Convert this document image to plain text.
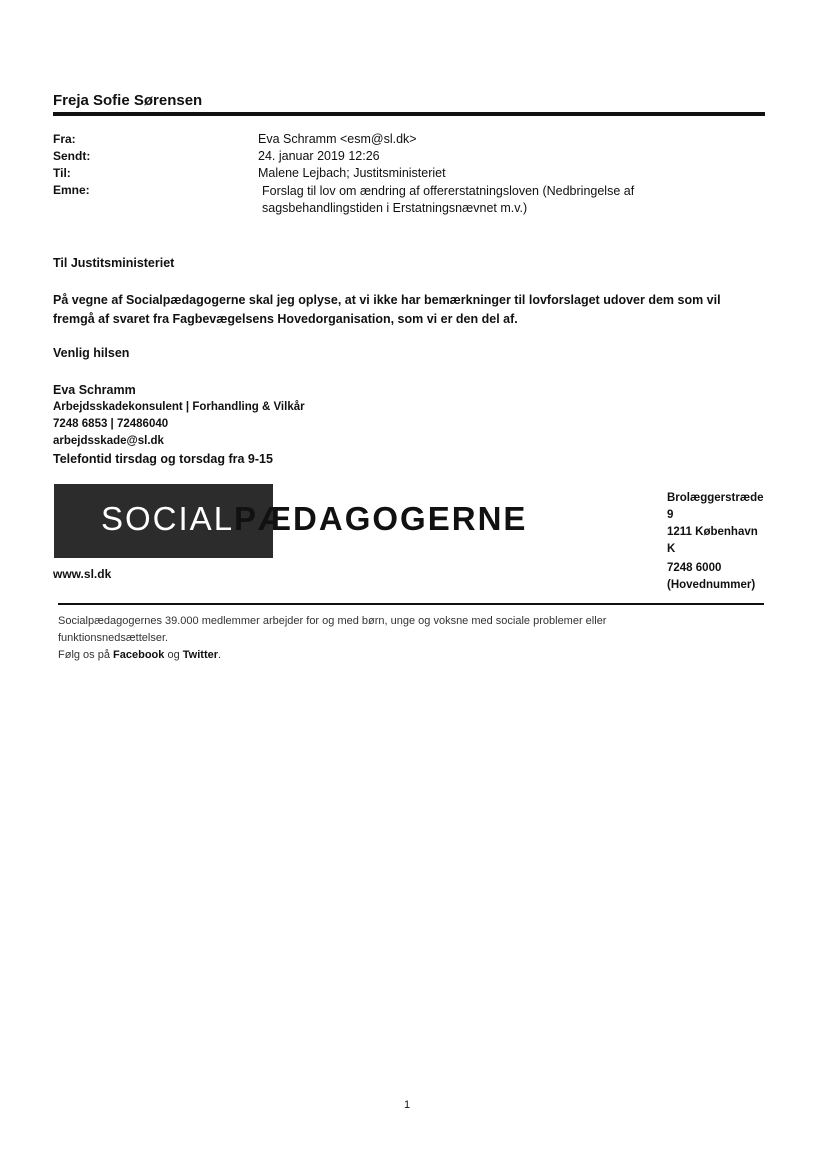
Freja Sofie Sørensen
Fra:	Eva Schramm <esm@sl.dk>
Sendt:	24. januar 2019 12:26
Til:	Malene Lejbach; Justitsministeriet
Emne:	Forslag til lov om ændring af offererstatningsloven (Nedbringelse af sagsbehandlingstiden i Erstatningsnævnet m.v.)
Til Justitsministeriet
På vegne af Socialpædagogerne skal jeg oplyse, at vi ikke har bemærkninger til lovforslaget udover dem som vil fremgå af svaret fra Fagbevægelsens Hovedorganisation, som vi er den del af.
Venlig hilsen
Eva Schramm
Arbejdsskadekonsulent | Forhandling & Vilkår
7248 6853 | 72486040
arbejdsskade@sl.dk
Telefontid tirsdag og torsdag fra 9-15
SOCIALPÆDAGOGERNE
www.sl.dk
Brolæggerstræde
9
1211 København
K
7248 6000
(Hovednummer)
Socialpædagogernes 39.000 medlemmer arbejder for og med børn, unge og voksne med sociale problemer eller funktionsnedsættelser.
Følg os på Facebook og Twitter.
1
